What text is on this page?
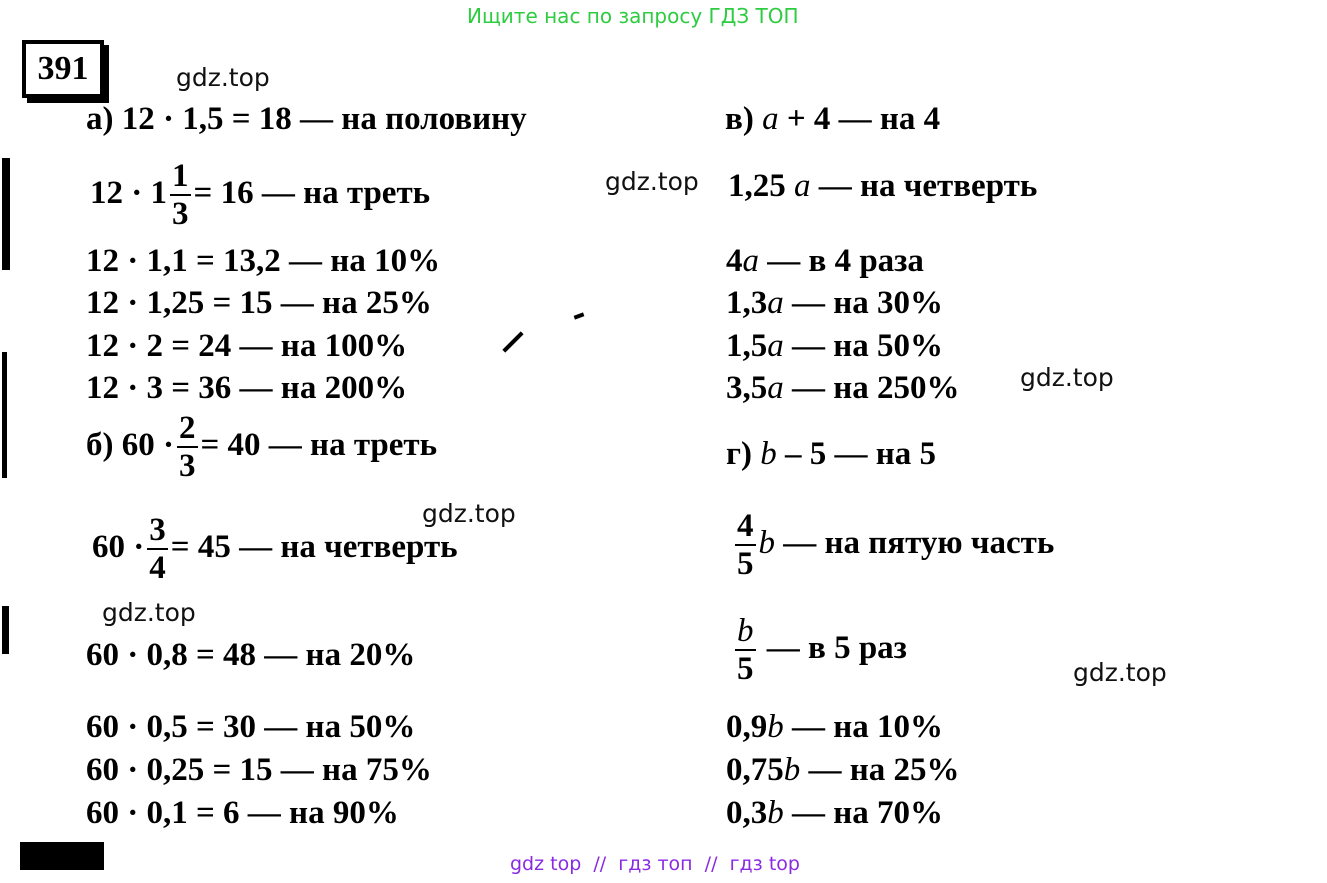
Ищите нас по запросу ГДЗ ТОП
391	gdz.top
gdz.top
gdz.top
gdz.top
gdz.top
gdz.top
а) 12 · 1,5 = 18 — на половину
$12 \cdot 1 \frac{1}{3} = 16$ — на треть
12 · 1,1 = 13,2 — на 10%
12 · 1,25 = 15 — на 25%
12 · 2 = 24 — на 100%
12 · 3 = 36 — на 200%
б) $60 \cdot \frac{2}{3} = 40$ — на треть
$60 \cdot \frac{3}{4} = 45$ — на четверть
60 · 0,8 = 48 — на 20%
60 · 0,5 = 30 — на 50%
60 · 0,25 = 15 — на 75%
60 · 0,1 = 6 — на 90%
в) a + 4 — на 4
1,25 a — на четверть
4a — в 4 раза
1,3a — на 30%
1,5a — на 50%
3,5a — на 250%
г) b – 5 — на 5
$\frac{4}{5}$ b — на пятую часть
$\frac{b}{5}$ — в 5 раз
0,9b — на 10%
0,75b — на 25%
0,3b — на 70%
gdz top  //  гдз топ  //  гдз top
